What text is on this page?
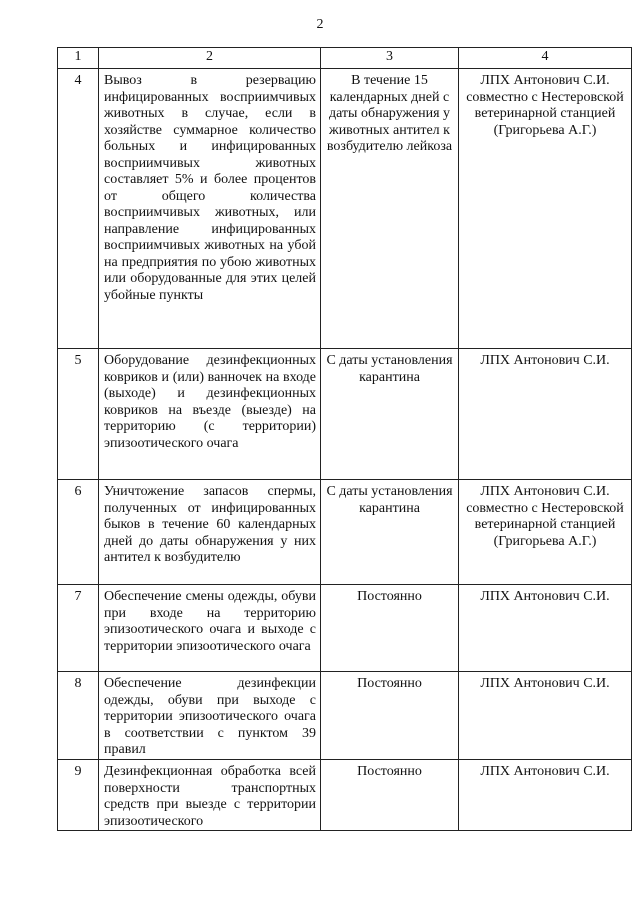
2
1	2	3	4
4	Вывоз в резервацию инфицированных восприимчивых животных в случае, если в хозяйстве суммарное количество больных и инфицированных восприимчивых животных составляет 5% и более процентов от общего количества восприимчивых животных, или направление инфицированных восприимчивых животных на убой на предприятия по убою животных или оборудованные для этих целей убойные пункты	В течение 15 календарных дней с даты обнаружения у животных антител к возбудителю лейкоза	ЛПХ Антонович С.И. совместно с Нестеровской ветеринарной станцией (Григорьева А.Г.)
5	Оборудование дезинфекционных ковриков и (или) ванночек на входе (выходе) и дезинфекционных ковриков на въезде (выезде) на территорию (с территории) эпизоотического очага	С даты установления карантина	ЛПХ Антонович С.И.
6	Уничтожение запасов спермы, полученных от инфицированных быков в течение 60 календарных дней до даты обнаружения у них антител к возбудителю	С даты установления карантина	ЛПХ Антонович С.И. совместно с Нестеровской ветеринарной станцией (Григорьева А.Г.)
7	Обеспечение смены одежды, обуви при входе на территорию эпизоотического очага и выходе с территории эпизоотического очага	Постоянно	ЛПХ Антонович С.И.
8	Обеспечение дезинфекции одежды, обуви при выходе с территории эпизоотического очага в соответствии с пунктом 39 правил	Постоянно	ЛПХ Антонович С.И.
9	Дезинфекционная обработка всей поверхности транспортных средств при выезде с территории эпизоотического	Постоянно	ЛПХ Антонович С.И.
